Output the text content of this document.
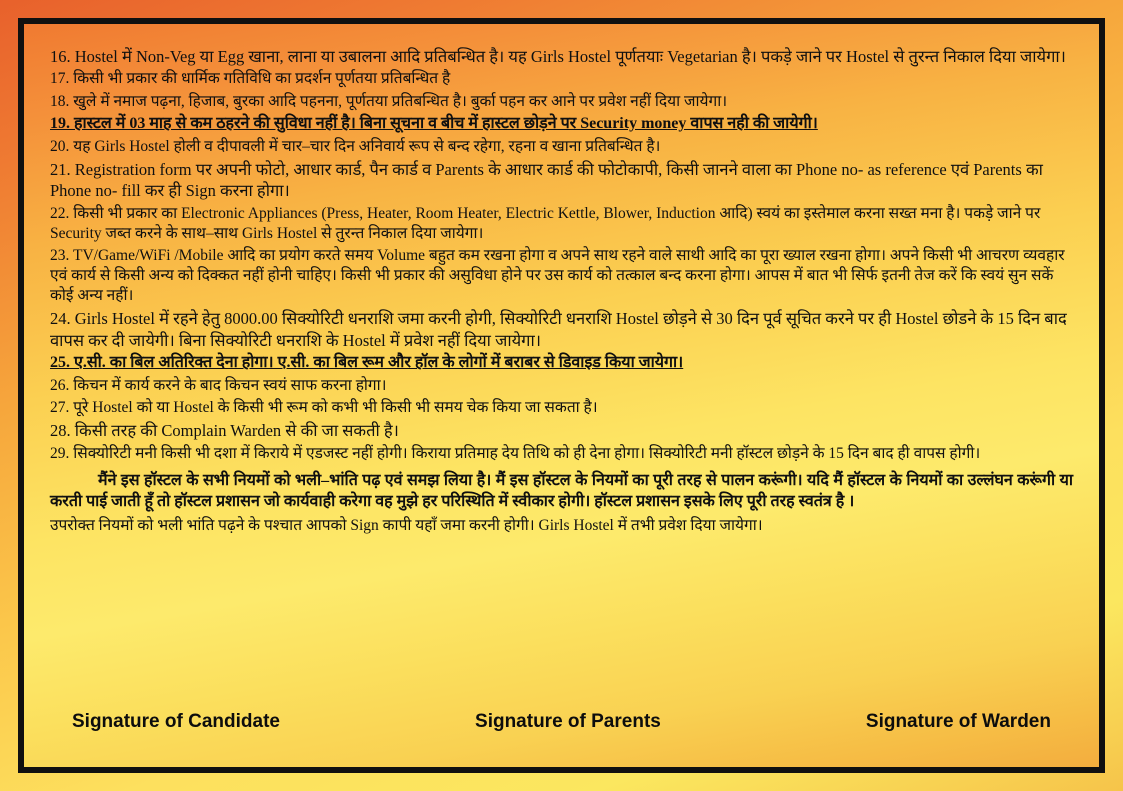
16. Hostel में Non-Veg या Egg खाना, लाना या उबालना आदि प्रतिबन्धित है। यह Girls Hostel पूर्णतयाः Vegetarian है। पकड़े जाने पर Hostel से तुरन्त निकाल दिया जायेगा।

17. किसी भी प्रकार की धार्मिक गतिविधि का प्रदर्शन पूर्णतया प्रतिबन्धित है

18. खुले में नमाज पढ़ना, हिजाब, बुरका आदि पहनना, पूर्णतया प्रतिबन्धित है। बुर्का पहन कर आने पर प्रवेश नहीं दिया जायेगा।

19. हास्टल में 03 माह से कम ठहरने की सुविधा नहीं है। बिना सूचना व बीच में हास्टल छोड़ने पर Security money वापस नही की जायेगी।

20. यह Girls Hostel होली व दीपावली में चार–चार दिन अनिवार्य रूप से बन्द रहेगा, रहना व खाना प्रतिबन्धित है।

21. Registration form पर अपनी फोटो, आधार कार्ड, पैन कार्ड व Parents के आधार कार्ड की फोटोकापी, किसी जानने वाला का Phone no- as reference एवं Parents का Phone no- fill कर ही Sign करना होगा।

22. किसी भी प्रकार का Electronic Appliances (Press, Heater, Room Heater, Electric Kettle, Blower, Induction आदि) स्वयं का इस्तेमाल करना सख्त मना है। पकड़े जाने पर Security जब्त करने के साथ–साथ Girls Hostel से तुरन्त निकाल दिया जायेगा।

23. TV/Game/WiFi /Mobile आदि का प्रयोग करते समय Volume बहुत कम रखना होगा व अपने साथ रहने वाले साथी आदि का पूरा ख्याल रखना होगा। अपने किसी भी आचरण व्यवहार एवं कार्य से किसी अन्य को दिक्कत नहीं होनी चाहिए। किसी भी प्रकार की असुविधा होने पर उस कार्य को तत्काल बन्द करना होगा। आपस में बात भी सिर्फ इतनी तेज करें कि स्वयं सुन सकें कोई अन्य नहीं।

24. Girls Hostel में रहने हेतु 8000.00 सिक्योरिटी धनराशि जमा करनी होगी, सिक्योरिटी धनराशि Hostel छोड़ने से 30 दिन पूर्व सूचित करने पर ही Hostel छोडने के 15 दिन बाद वापस कर दी जायेगी। बिना सिक्योरिटी धनराशि के Hostel में प्रवेश नहीं दिया जायेगा।

25. ए.सी. का बिल अतिरिक्त देना होगा। ए.सी. का बिल रूम और हॉल के लोगों में बराबर से डिवाइड किया जायेगा।

26. किचन में कार्य करने के बाद किचन स्वयं साफ करना होगा।

27. पूरे Hostel को या Hostel के किसी भी रूम को कभी भी किसी भी समय चेक किया जा सकता है।

28. किसी तरह की Complain Warden से की जा सकती है।

29. सिक्योरिटी मनी किसी भी दशा में किराये में एडजस्ट नहीं होगी। किराया प्रतिमाह देय तिथि को ही देना होगा। सिक्योरिटी मनी हॉस्टल छोड़ने के 15 दिन बाद ही वापस होगी।

मैंने इस हॉस्टल के सभी नियमों को भली–भांति पढ़ एवं समझ लिया है। मैं इस हॉस्टल के नियमों का पूरी तरह से पालन करूंगी। यदि मैं हॉस्टल के नियमों का उल्लंघन करूंगी या करती पाई जाती हूँ तो हॉस्टल प्रशासन जो कार्यवाही करेगा वह मुझे हर परिस्थिति में स्वीकार होगी। हॉस्टल प्रशासन इसके लिए पूरी तरह स्वतंत्र है ।

उपरोक्त नियमों को भली भांति पढ़ने के पश्चात आपको Sign कापी यहाँ जमा करनी होगी। Girls Hostel में तभी प्रवेश दिया जायेगा।

Signature of Candidate	Signature of Parents	Signature of Warden
